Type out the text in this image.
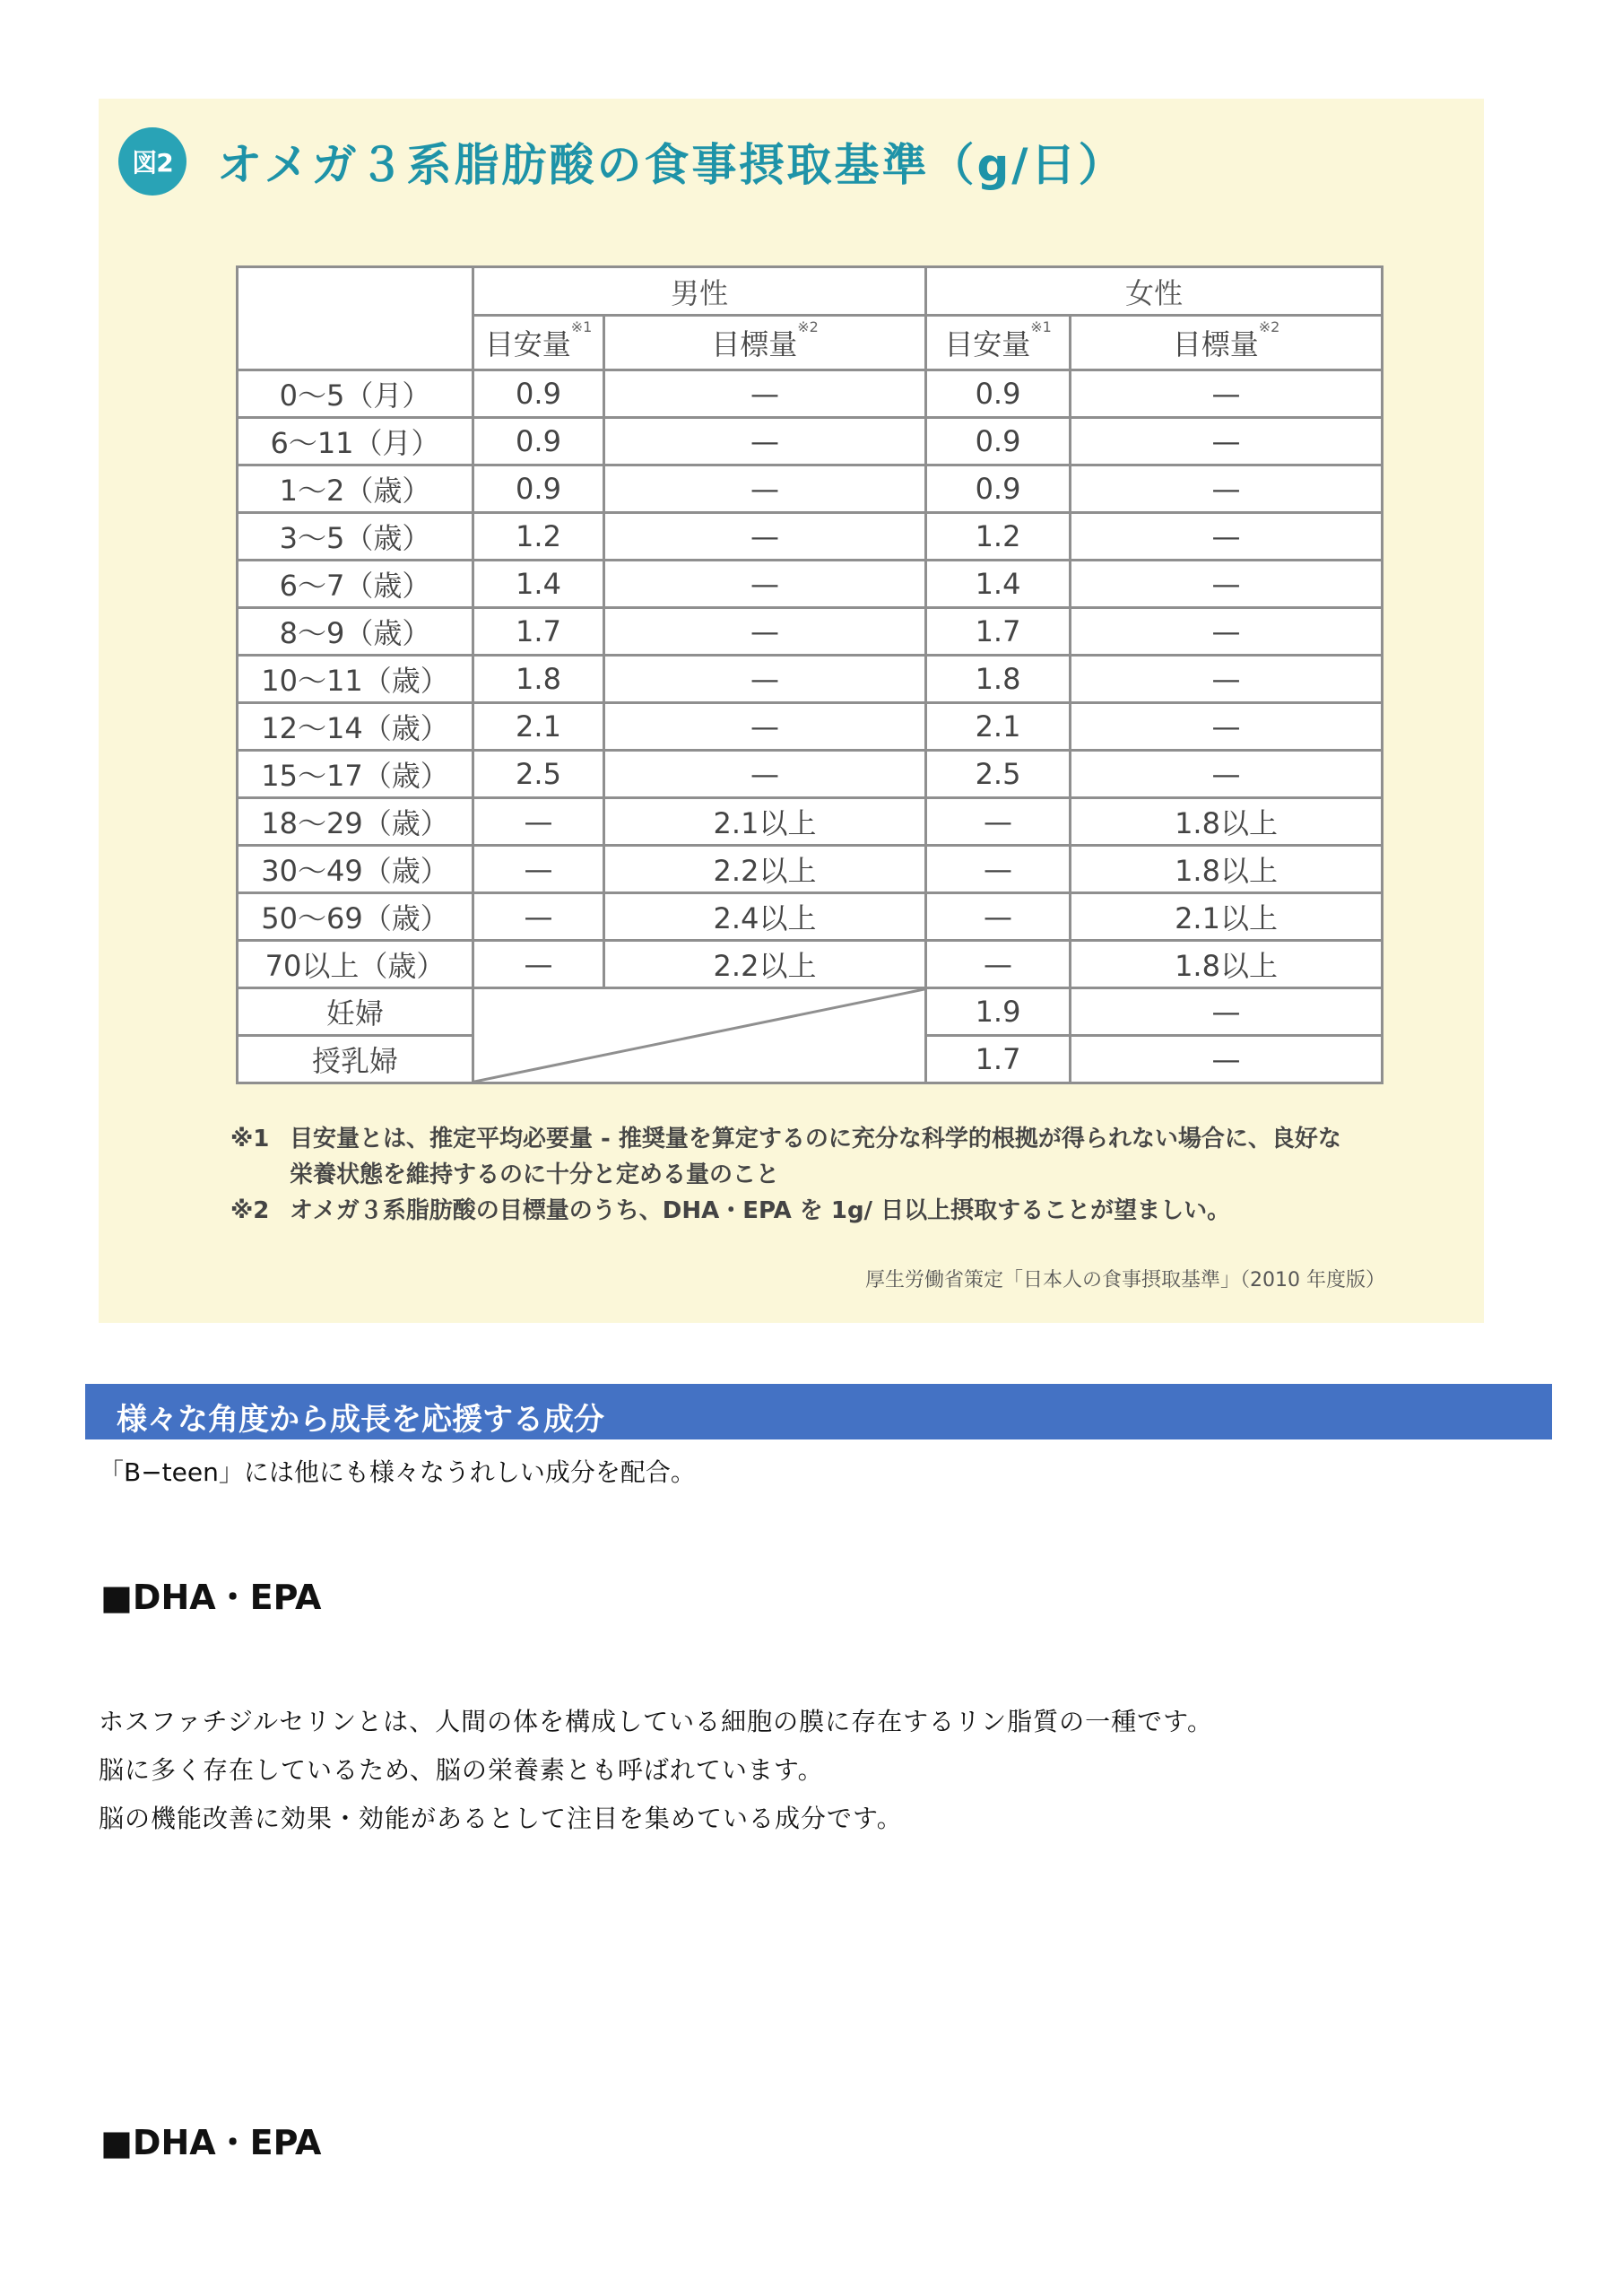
図2 オメガ３系脂肪酸の食事摂取基準（g/日）
	男性		女性	
	目安量$^{※1}$	目標量$^{※2}$	目安量$^{※1}$	目標量$^{※2}$
0〜5（月）	0.9	—	0.9	—
6〜11（月）	0.9	—	0.9	—
1〜2（歳）	0.9	—	0.9	—
3〜5（歳）	1.2	—	1.2	—
6〜7（歳）	1.4	—	1.4	—
8〜9（歳）	1.7	—	1.7	—
10〜11（歳）	1.8	—	1.8	—
12〜14（歳）	2.1	—	2.1	—
15〜17（歳）	2.5	—	2.5	—
18〜29（歳）	—	2.1以上	—	1.8以上
30〜49（歳）	—	2.2以上	—	1.8以上
50〜69（歳）	—	2.4以上	—	2.1以上
70以上（歳）	—	2.2以上	—	1.8以上
妊婦			1.9	—
授乳婦			1.7	—
※1 目安量とは、推定平均必要量 - 推奨量を算定するのに充分な科学的根拠が得られない場合に、良好な
栄養状態を維持するのに十分と定める量のこと
※2 オメガ３系脂肪酸の目標量のうち、DHA・EPA を 1g/ 日以上摂取することが望ましい。
厚生労働省策定「日本人の食事摂取基準」（2010 年度版）
様々な角度から成長を応援する成分
「B−teen」には他にも様々なうれしい成分を配合。
■DHA・EPA

ホスファチジルセリンとは、人間の体を構成している細胞の膜に存在するリン脂質の一種です。

脳に多く存在しているため、脳の栄養素とも呼ばれています。

脳の機能改善に効果・効能があるとして注目を集めている成分です。

■DHA・EPA
